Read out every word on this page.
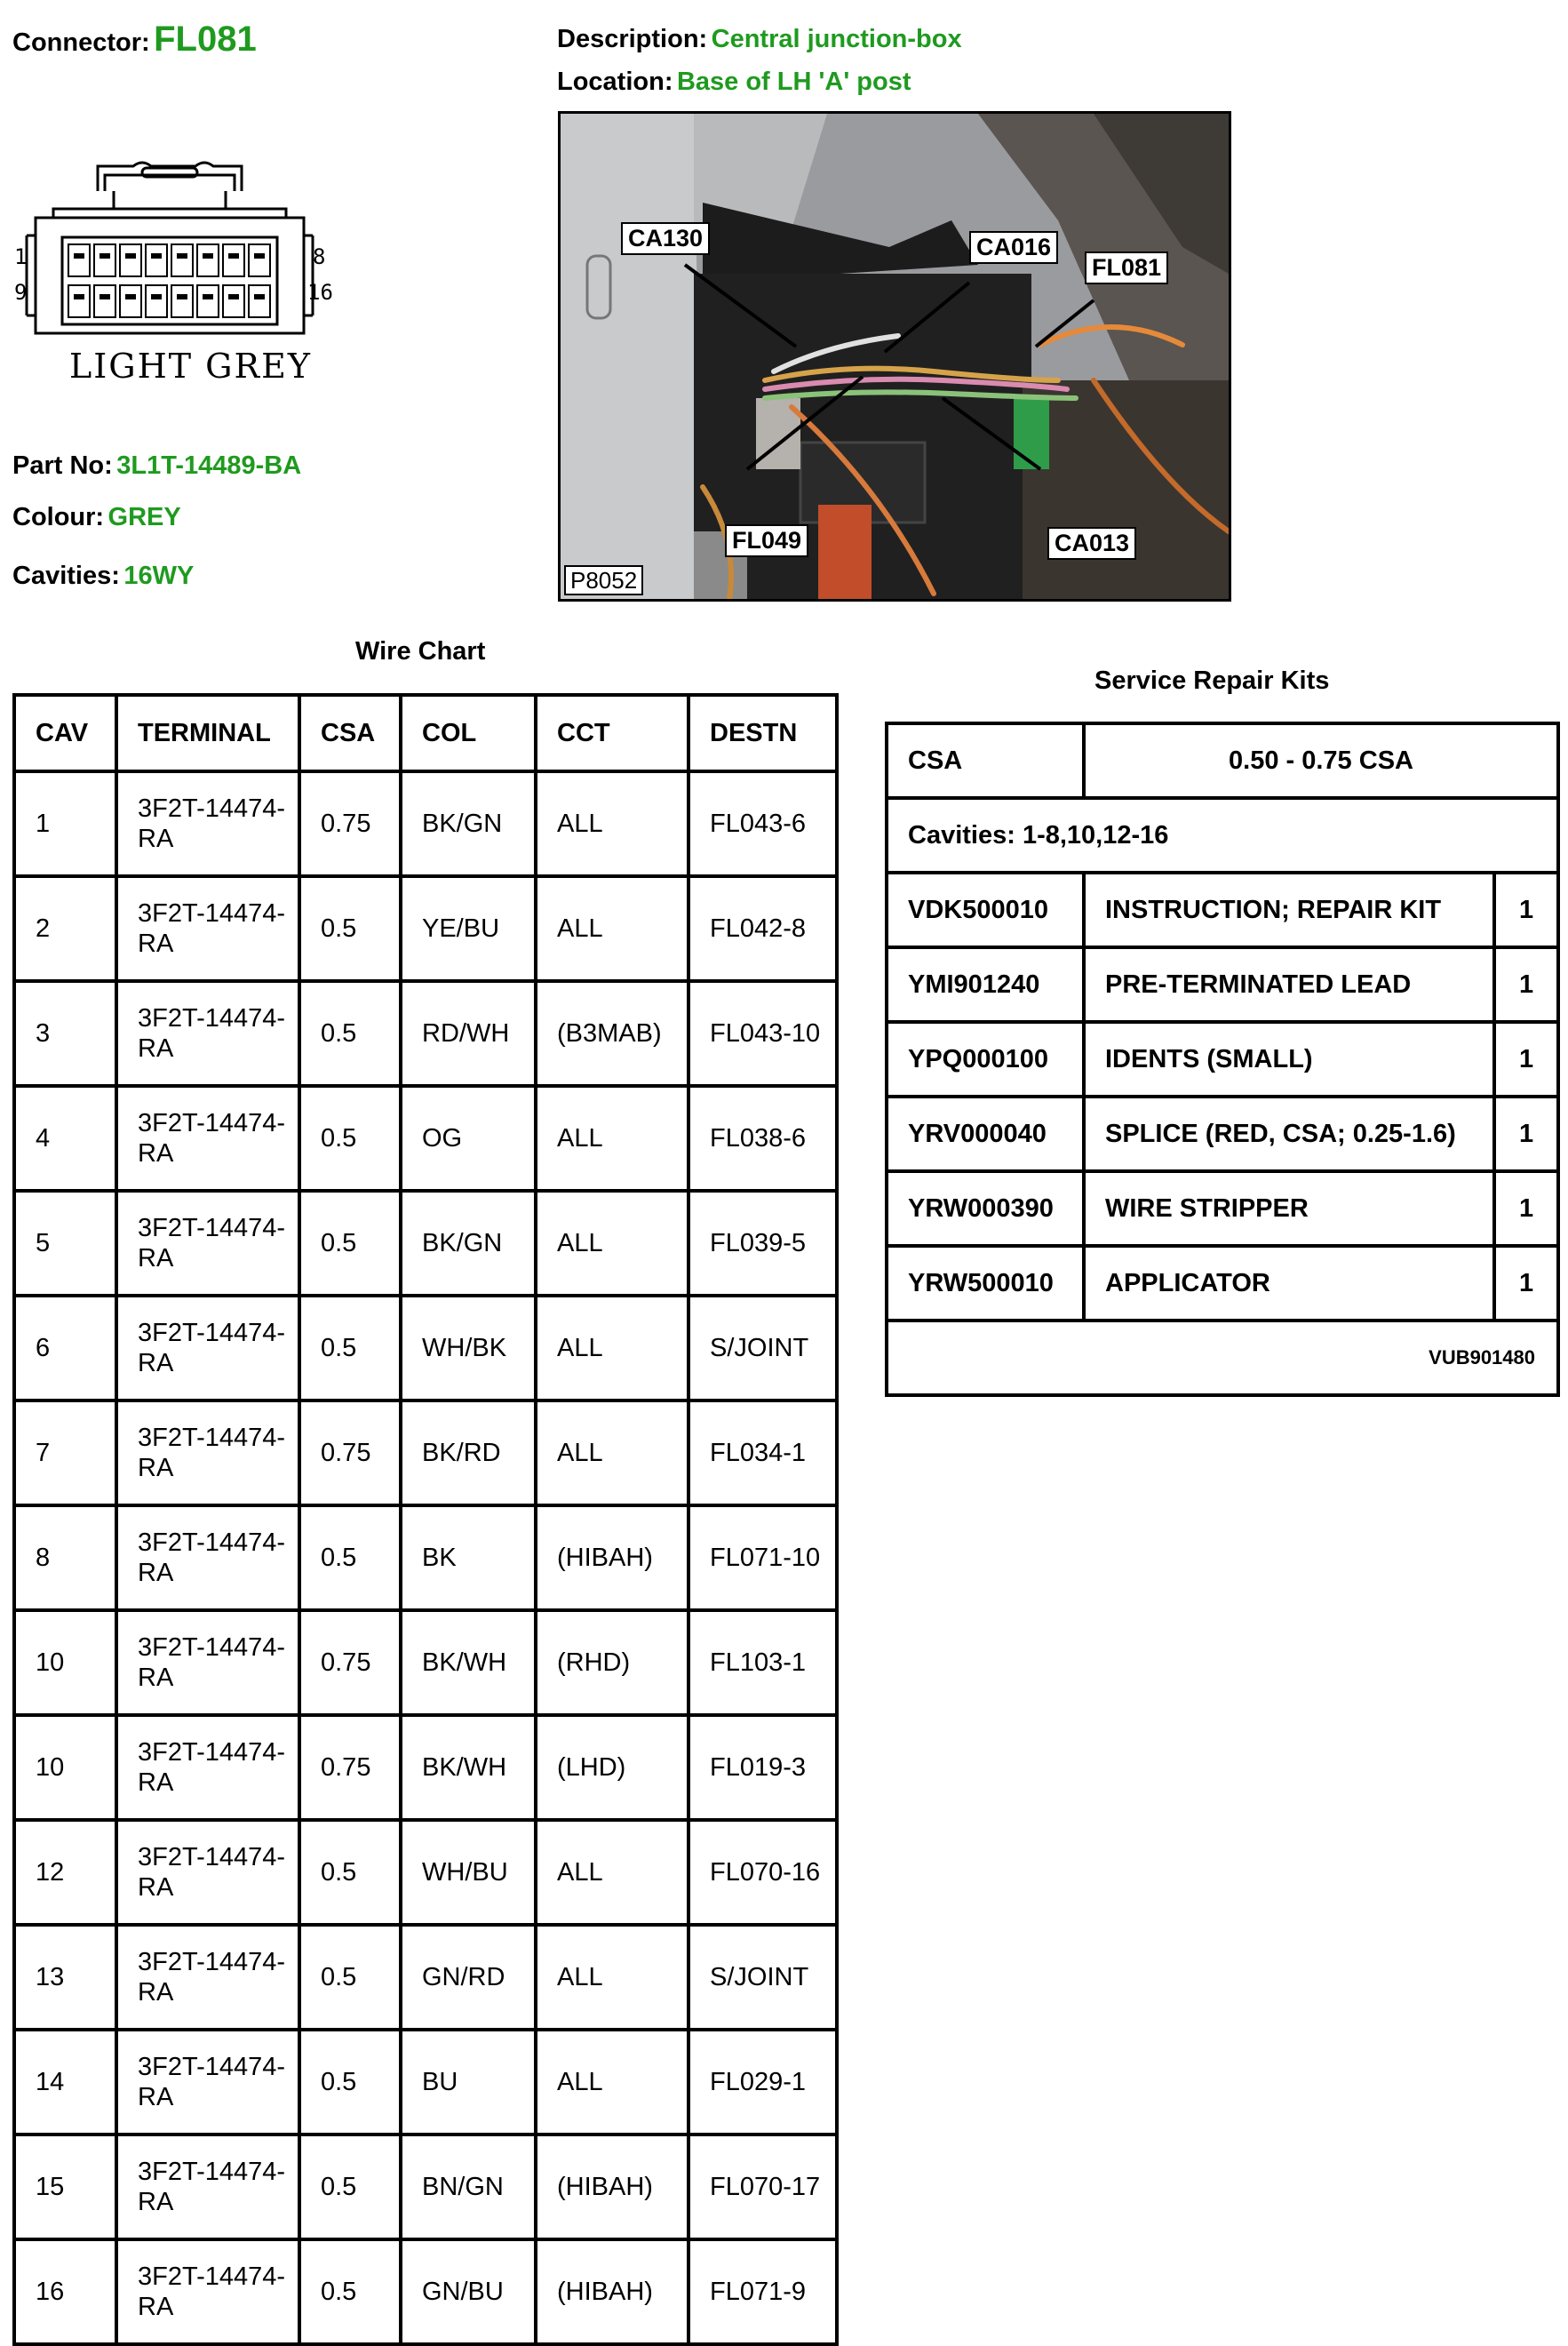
Connector: FL081	Description: Central junction-box
Location: Base of LH 'A' post
1
9
8
16
LIGHT GREY
Part No: 3L1T-14489-BA
Colour: GREY
Cavities: 16WY
CA130	CA016
FL081
FL049	CA013
P8052
Wire Chart
CAV	TERMINAL	CSA	COL	CCT	DESTN
1	3F2T-14474-RA	0.75	BK/GN	ALL	FL043-6
2	3F2T-14474-RA	0.5	YE/BU	ALL	FL042-8
3	3F2T-14474-RA	0.5	RD/WH	(B3MAB)	FL043-10
4	3F2T-14474-RA	0.5	OG	ALL	FL038-6
5	3F2T-14474-RA	0.5	BK/GN	ALL	FL039-5
6	3F2T-14474-RA	0.5	WH/BK	ALL	S/JOINT
7	3F2T-14474-RA	0.75	BK/RD	ALL	FL034-1
8	3F2T-14474-RA	0.5	BK	(HIBAH)	FL071-10
10	3F2T-14474-RA	0.75	BK/WH	(RHD)	FL103-1
10	3F2T-14474-RA	0.75	BK/WH	(LHD)	FL019-3
12	3F2T-14474-RA	0.5	WH/BU	ALL	FL070-16
13	3F2T-14474-RA	0.5	GN/RD	ALL	S/JOINT
14	3F2T-14474-RA	0.5	BU	ALL	FL029-1
15	3F2T-14474-RA	0.5	BN/GN	(HIBAH)	FL070-17
16	3F2T-14474-RA	0.5	GN/BU	(HIBAH)	FL071-9
Service Repair Kits
CSA	0.50 - 0.75 CSA	
Cavities: 1-8,10,12-16		
VDK500010	INSTRUCTION; REPAIR KIT	1
YMI901240	PRE-TERMINATED LEAD	1
YPQ000100	IDENTS (SMALL)	1
YRV000040	SPLICE (RED, CSA; 0.25-1.6)	1
YRW000390	WIRE STRIPPER	1
YRW500010	APPLICATOR	1
VUB901480		
